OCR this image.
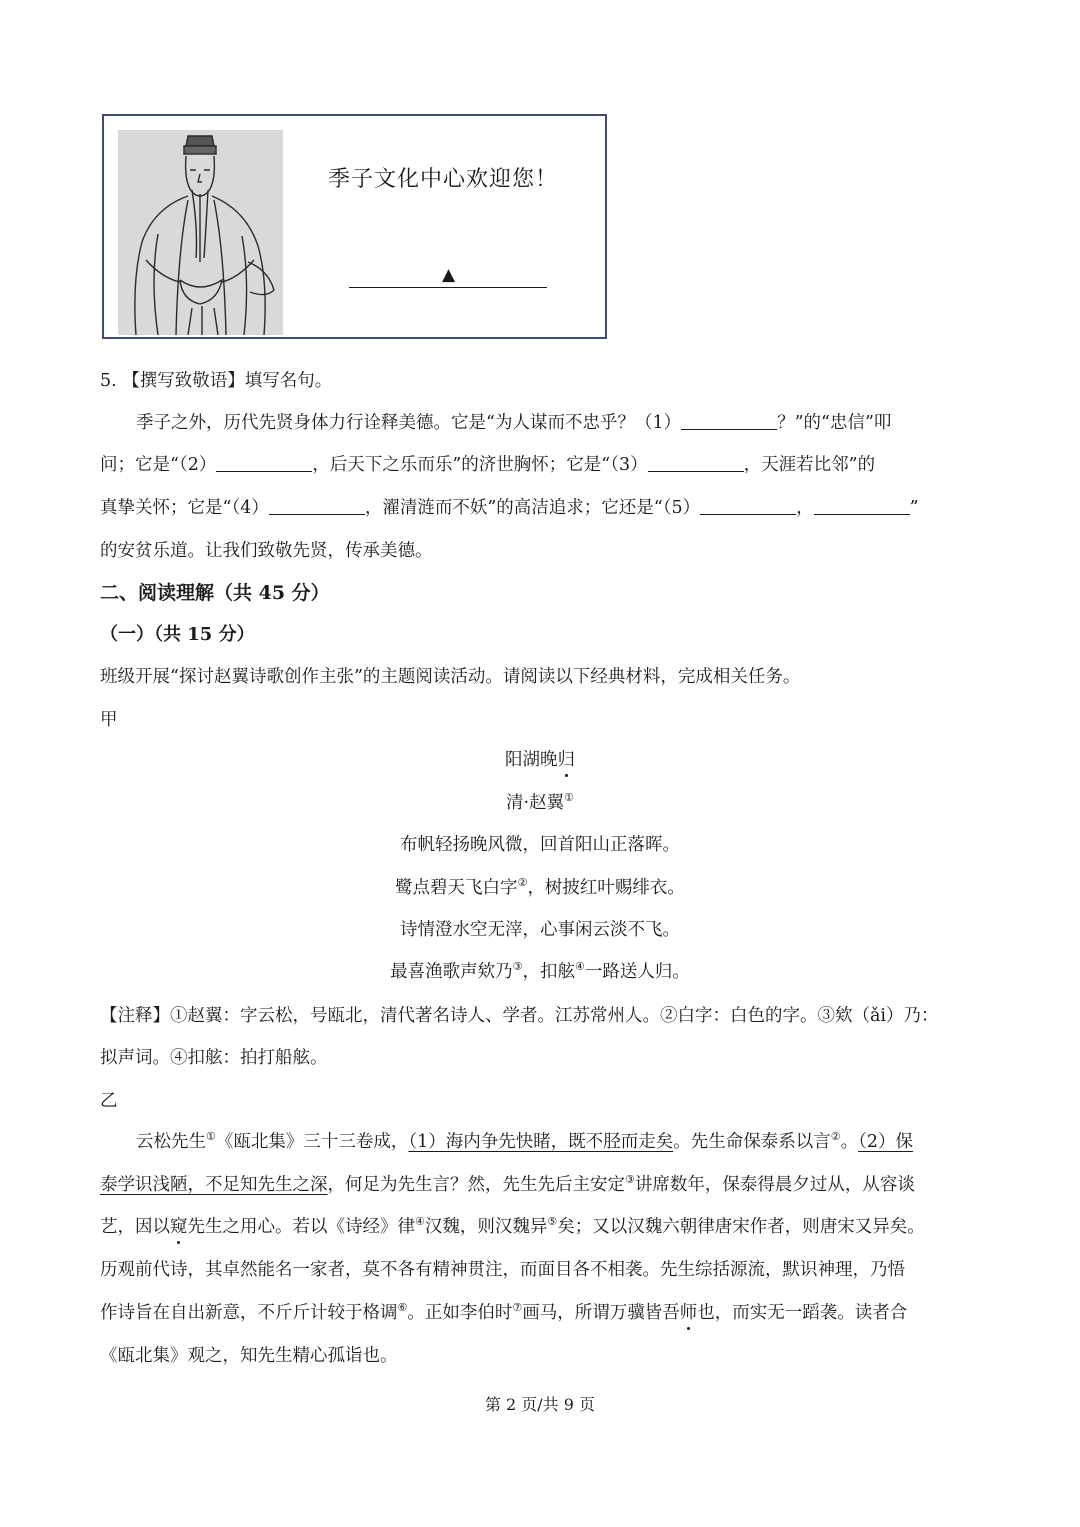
季子文化中心欢迎您！
▲
5. 【撰写致敬语】填写名句。
季子之外，历代先贤身体力行诠释美德。它是“为人谋而不忠乎？（1）	？”的“忠信”叩
问；它是“（2）	，后天下之乐而乐”的济世胸怀；它是“（3）	，天涯若比邻”的
真挚关怀；它是“（4）	，濯清涟而不妖”的高洁追求；它还是“（5）	，	”
的安贫乐道。让我们致敬先贤，传承美德。
二、阅读理解（共 45 分）
（一）（共 15 分）
班级开展“探讨赵翼诗歌创作主张”的主题阅读活动。请阅读以下经典材料，完成相关任务。
甲
阳湖晚归
清·赵翼①
布帆轻扬晚风微，回首阳山正落晖。
鹭点碧天飞白字②，树披红叶赐绯衣。
诗情澄水空无滓，心事闲云淡不飞。
最喜渔歌声欸乃③，扣舷④一路送人归。
【注释】①赵翼：字云松，号瓯北，清代著名诗人、学者。江苏常州人。②白字：白色的字。③欸（ǎi）乃：
拟声词。④扣舷：拍打船舷。
乙
云松先生①《瓯北集》三十三卷成，（1）海内争先快睹，既不胫而走矣。先生命保泰系以言②。（2）保
泰学识浅陋，不足知先生之深，何足为先生言？然，先生先后主安定③讲席数年，保泰得晨夕过从，从容谈
艺，因以窥先生之用心。若以《诗经》律④汉魏，则汉魏异⑤矣；又以汉魏六朝律唐宋作者，则唐宋又异矣。
历观前代诗，其卓然能名一家者，莫不各有精神贯注，而面目各不相袭。先生综括源流，默识神理，乃悟
作诗旨在自出新意，不斤斤计较于格调⑥。正如李伯时⑦画马，所谓万骥皆吾师也，而实无一蹈袭。读者合
《瓯北集》观之，知先生精心孤诣也。
第 2 页/共 9 页
